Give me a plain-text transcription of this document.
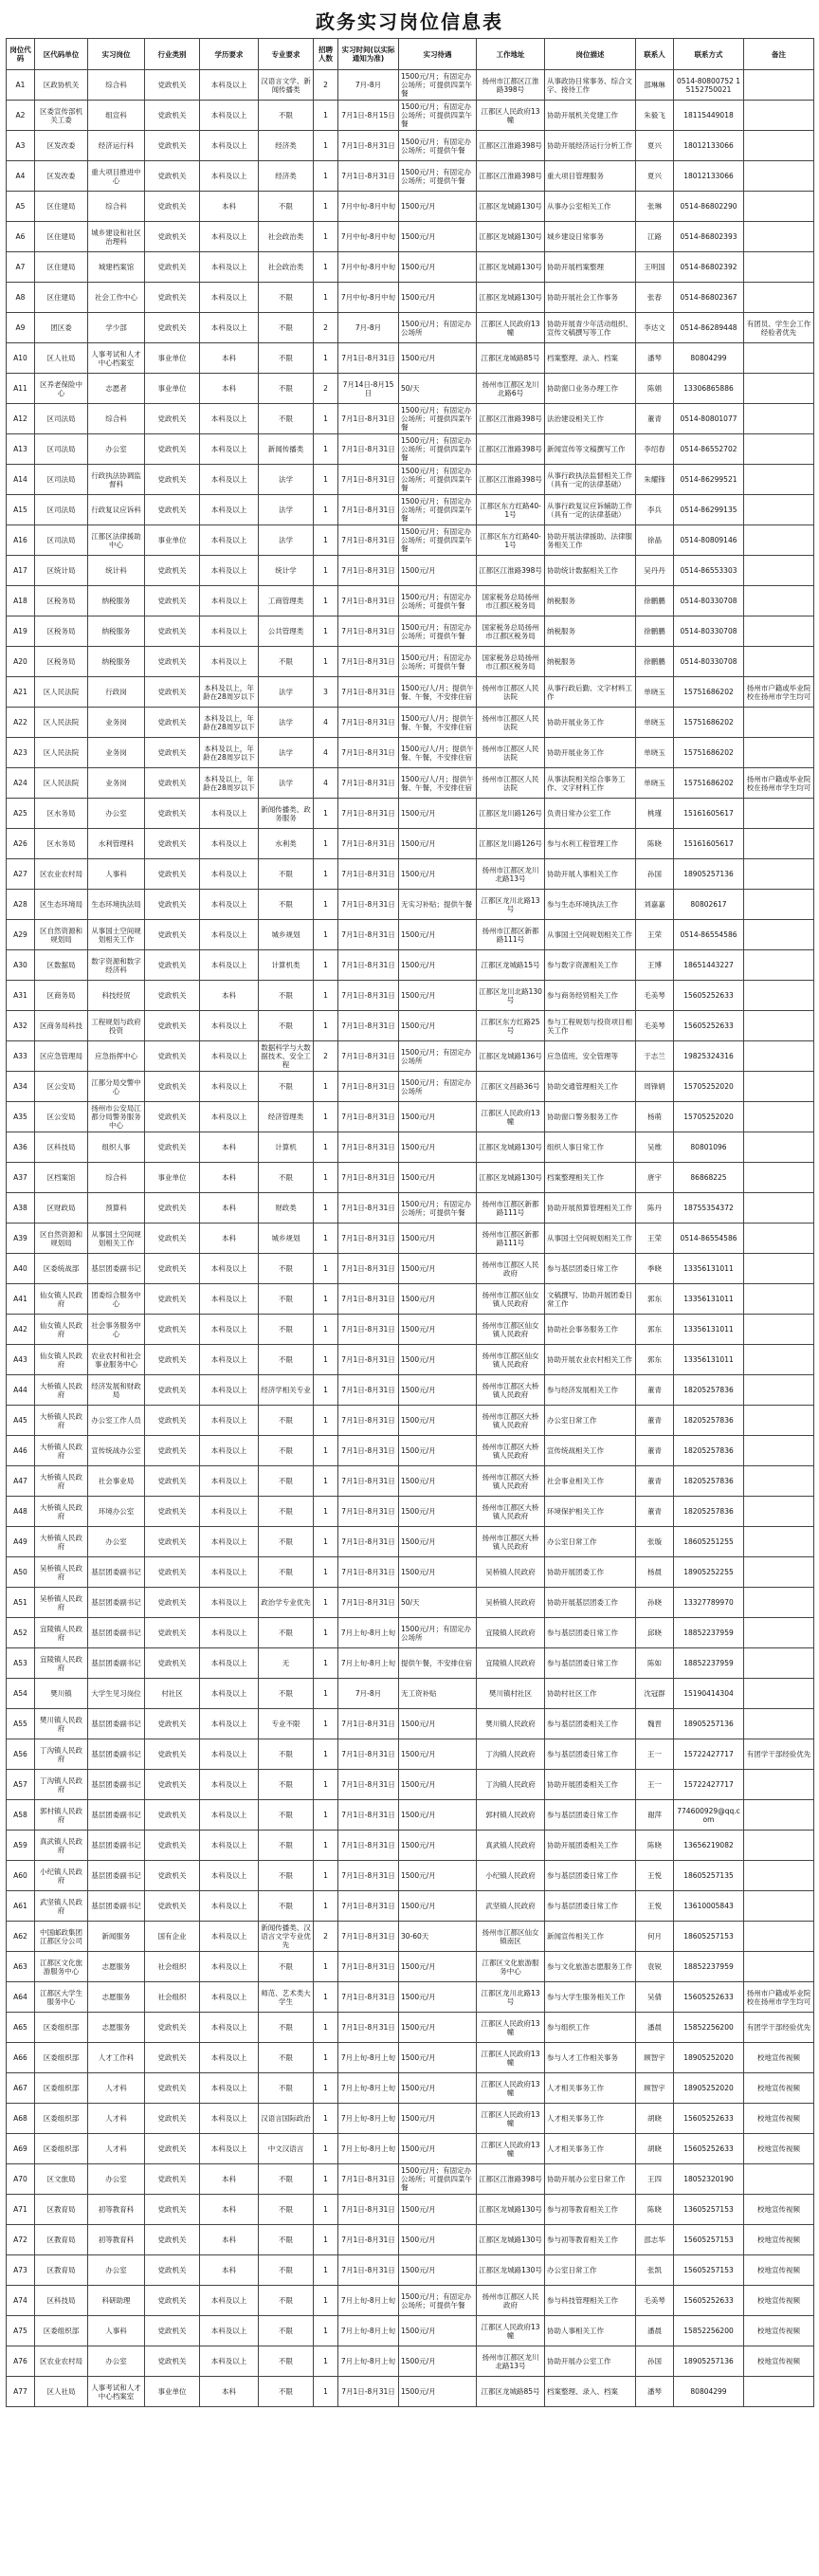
政务实习岗位信息表
岗位代码	区代码单位	实习岗位	行业类别	学历要求	专业要求	招聘人数	实习时间(以实际通知为准)	实习待遇	工作地址	岗位描述	联系人	联系方式	备注
A1	区政协机关	综合科	党政机关	本科及以上	汉语言文学、新闻传播类	2	7月-8月	1500元/月；有固定办公场所；可提供四菜午餐	扬州市江都区江淮路398号	从事政协日常事务、综合文字、接待工作	邵琳琳	0514-80800752 15152750021	
A2	区委宣传部机关工委	组宣科	党政机关	本科及以上	不限	1	7月1日-8月15日	1500元/月；有固定办公场所；可提供四菜午餐	江都区人民政府13幢	协助开展机关党建工作	朱毅飞	18115449018	
A3	区发改委	经济运行科	党政机关	本科及以上	经济类	1	7月1日-8月31日	1500元/月；有固定办公场所；可提供午餐	江都区江淮路398号	协助开展经济运行分析工作	夏兴	18012133066	
A4	区发改委	重大项目推进中心	党政机关	本科及以上	经济类	1	7月1日-8月31日	1500元/月；有固定办公场所；可提供午餐	江都区江淮路398号	重大项目管理服务	夏兴	18012133066	
A5	区住建局	综合科	党政机关	本科	不限	1	7月中旬-8月中旬	1500元/月	江都区龙城路130号	从事办公室相关工作	张琳	0514-86802290	
A6	区住建局	城乡建设和社区治理科	党政机关	本科及以上	社会政治类	1	7月中旬-8月中旬	1500元/月	江都区龙城路130号	城乡建设日常事务	江路	0514-86802393	
A7	区住建局	城建档案馆	党政机关	本科及以上	社会政治类	1	7月中旬-8月中旬	1500元/月	江都区龙城路130号	协助开展档案整理	王明国	0514-86802392	
A8	区住建局	社会工作中心	党政机关	本科及以上	不限	1	7月中旬-8月中旬	1500元/月	江都区龙城路130号	协助开展社会工作事务	张春	0514-86802367	
A9	团区委	学少部	党政机关	本科及以上	不限	2	7月-8月	1500元/月；有固定办公场所	江都区人民政府13幢	协助开展青少年活动组织、宣传文稿撰写等工作	李达文	0514-86289448	有团员、学生会工作经验者优先
A10	区人社局	人事考试和人才中心档案室	事业单位	本科	不限	1	7月1日-8月31日	1500元/月	江都区龙城路85号	档案整理、录入、档案	潘琴	80804299	
A11	区养老保险中心	志愿者	事业单位	本科	不限	2	7月14日-8月15日	50/天	扬州市江都区龙川北路6号	协助窗口业务办理工作	陈娟	13306865886	
A12	区司法局	综合科	党政机关	本科及以上	不限	1	7月1日-8月31日	1500元/月；有固定办公场所；可提供四菜午餐	江都区江淮路398号	法治建设相关工作	董青	0514-80801077	
A13	区司法局	办公室	党政机关	本科及以上	新闻传播类	1	7月1日-8月31日	1500元/月；有固定办公场所；可提供四菜午餐	江都区江淮路398号	新闻宣传等文稿撰写工作	李绍春	0514-86552702	
A14	区司法局	行政执法协调监督科	党政机关	本科及以上	法学	1	7月1日-8月31日	1500元/月；有固定办公场所；可提供四菜午餐	江都区江淮路398号	从事行政执法监督相关工作（具有一定的法律基础）	朱耀锋	0514-86299521	
A15	区司法局	行政复议应诉科	党政机关	本科及以上	法学	1	7月1日-8月31日	1500元/月；有固定办公场所；可提供四菜午餐	江都区东方红路40-1号	从事行政复议应诉辅助工作（具有一定的法律基础）	李兵	0514-86299135	
A16	区司法局	江都区法律援助中心	事业单位	本科及以上	法学	1	7月1日-8月31日	1500元/月；有固定办公场所；可提供四菜午餐	江都区东方红路40-1号	协助开展法律援助、法律服务相关工作	徐晶	0514-80809146	
A17	区统计局	统计科	党政机关	本科及以上	统计学	1	7月1日-8月31日	1500元/月	江都区江淮路398号	协助统计数据相关工作	吴丹丹	0514-86553303	
A18	区税务局	纳税服务	党政机关	本科及以上	工商管理类	1	7月1日-8月31日	1500元/月；有固定办公场所；可提供午餐	国家税务总局扬州市江都区税务局	纳税服务	徐鹏鹏	0514-80330708	
A19	区税务局	纳税服务	党政机关	本科及以上	公共管理类	1	7月1日-8月31日	1500元/月；有固定办公场所；可提供午餐	国家税务总局扬州市江都区税务局	纳税服务	徐鹏鹏	0514-80330708	
A20	区税务局	纳税服务	党政机关	本科及以上	不限	1	7月1日-8月31日	1500元/月；有固定办公场所；可提供午餐	国家税务总局扬州市江都区税务局	纳税服务	徐鹏鹏	0514-80330708	
A21	区人民法院	行政岗	党政机关	本科及以上，年龄在28周岁以下	法学	3	7月1日-8月31日	1500元/人/月；提供午餐、午餐，不安排住宿	扬州市江都区人民法院	从事行政后勤、文字材料工作	单晓玉	15751686202	扬州市户籍或毕业院校在扬州市学生均可
A22	区人民法院	业务岗	党政机关	本科及以上，年龄在28周岁以下	法学	4	7月1日-8月31日	1500元/人/月；提供午餐、午餐，不安排住宿	扬州市江都区人民法院	协助开展业务工作	单晓玉	15751686202	
A23	区人民法院	业务岗	党政机关	本科及以上，年龄在28周岁以下	法学	4	7月1日-8月31日	1500元/人/月；提供午餐、午餐，不安排住宿	扬州市江都区人民法院	协助开展业务工作	单晓玉	15751686202	
A24	区人民法院	业务岗	党政机关	本科及以上，年龄在28周岁以下	法学	4	7月1日-8月31日	1500元/人/月；提供午餐、午餐，不安排住宿	扬州市江都区人民法院	从事法院相关综合事务工作、文字材料工作	单晓玉	15751686202	扬州市户籍或毕业院校在扬州市学生均可
A25	区水务局	办公室	党政机关	本科及以上	新闻传播类、政务服务	1	7月1日-8月31日	1500元/月	江都区龙川路126号	负责日常办公室工作	桃瑾	15161605617	
A26	区水务局	水利管理科	党政机关	本科及以上	水利类	1	7月1日-8月31日	1500元/月	江都区龙川路126号	参与水利工程管理工作	陈晓	15161605617	
A27	区农业农村局	人事科	党政机关	本科及以上	不限	1	7月1日-8月31日	1500元/月	扬州市江都区龙川北路13号	协助开展人事相关工作	孙国	18905257136	
A28	区生态环境局	生态环境执法局	党政机关	本科及以上	不限	1	7月1日-8月31日	无实习补贴；提供午餐	江都区龙川北路13号	参与生态环境执法工作	刘嘉嘉	80802617	
A29	区自然资源和规划局	从事国土空间规划相关工作	党政机关	本科及以上	城乡规划	1	7月1日-8月31日	1500元/月	扬州市江都区新都路111号	从事国土空间规划相关工作	王荣	0514-86554586	
A30	区数据局	数字资源和数字经济科	党政机关	本科及以上	计算机类	1	7月1日-8月31日	1500元/月	江都区龙城路15号	参与数字资源相关工作	王博	18651443227	
A31	区商务局	科技经贸	党政机关	本科	不限	1	7月1日-8月31日	1500元/月	江都区龙川北路130号	参与商务经贸相关工作	毛美琴	15605252633	
A32	区商务局科技	工程规划与政府投资	党政机关	本科及以上	不限	1	7月1日-8月31日	1500元/月	江都区东方红路25号	参与工程规划与投资项目相关工作	毛美琴	15605252633	
A33	区应急管理局	应急指挥中心	党政机关	本科及以上	数据科学与大数据技术、安全工程	2	7月1日-8月31日	1500元/月；有固定办公场所	江都区龙城路136号	应急值班、安全管理等	于志兰	19825324316	
A34	区公安局	江都分局交警中心	党政机关	本科及以上	不限	1	7月1日-8月31日	1500元/月；有固定办公场所	江都区文昌路36号	协助交通管理相关工作	周锋娟	15705252020	
A35	区公安局	扬州市公安局江都分局警务服务中心	党政机关	本科及以上	经济管理类	1	7月1日-8月31日	1500元/月	江都区人民政府13幢	协助窗口警务服务工作	杨萌	15705252020	
A36	区科技局	组织人事	党政机关	本科	计算机	1	7月1日-8月31日	1500元/月	江都区龙城路130号	组织人事日常工作	吴维	80801096	
A37	区档案馆	综合科	事业单位	本科	不限	1	7月1日-8月31日	1500元/月	江都区龙城路130号	档案整理相关工作	唐宇	86868225	
A38	区财政局	预算科	党政机关	本科	财政类	1	7月1日-8月31日	1500元/月；有固定办公场所；可提供午餐	扬州市江都区新都路111号	协助开展预算管理相关工作	陈丹	18755354372	
A39	区自然资源和规划局	从事国土空间规划相关工作	党政机关	本科	城乡规划	1	7月1日-8月31日	1500元/月	扬州市江都区新都路111号	从事国土空间规划相关工作	王荣	0514-86554586	
A40	区委统战部	基层团委副书记	党政机关	本科及以上	不限	1	7月1日-8月31日	1500元/月	扬州市江都区人民政府	参与基层团委日常工作	季晓	13356131011	
A41	仙女镇人民政府	团委综合服务中心	党政机关	本科及以上	不限	1	7月1日-8月31日	1500元/月	扬州市江都区仙女镇人民政府	文稿撰写、协助开展团委日常工作	郭东	13356131011	
A42	仙女镇人民政府	社会事务服务中心	党政机关	本科及以上	不限	1	7月1日-8月31日	1500元/月	扬州市江都区仙女镇人民政府	协助社会事务服务工作	郭东	13356131011	
A43	仙女镇人民政府	农业农村和社会事业服务中心	党政机关	本科及以上	不限	1	7月1日-8月31日	1500元/月	扬州市江都区仙女镇人民政府	协助开展农业农村相关工作	郭东	13356131011	
A44	大桥镇人民政府	经济发展和财政局	党政机关	本科及以上	经济学相关专业	1	7月1日-8月31日	1500元/月	扬州市江都区大桥镇人民政府	参与经济发展相关工作	董青	18205257836	
A45	大桥镇人民政府	办公室工作人员	党政机关	本科及以上	不限	1	7月1日-8月31日	1500元/月	扬州市江都区大桥镇人民政府	办公室日常工作	董青	18205257836	
A46	大桥镇人民政府	宣传统战办公室	党政机关	本科及以上	不限	1	7月1日-8月31日	1500元/月	扬州市江都区大桥镇人民政府	宣传统战相关工作	董青	18205257836	
A47	大桥镇人民政府	社会事业局	党政机关	本科及以上	不限	1	7月1日-8月31日	1500元/月	扬州市江都区大桥镇人民政府	社会事业相关工作	董青	18205257836	
A48	大桥镇人民政府	环境办公室	党政机关	本科及以上	不限	1	7月1日-8月31日	1500元/月	扬州市江都区大桥镇人民政府	环境保护相关工作	董青	18205257836	
A49	大桥镇人民政府	办公室	党政机关	本科及以上	不限	1	7月1日-8月31日	1500元/月	扬州市江都区大桥镇人民政府	办公室日常工作	张璇	18605251255	
A50	吴桥镇人民政府	基层团委副书记	党政机关	本科及以上	不限	1	7月1日-8月31日	1500元/月	吴桥镇人民政府	协助开展团委工作	杨晨	18905252255	
A51	吴桥镇人民政府	基层团委副书记	党政机关	本科及以上	政治学专业优先	1	7月1日-8月31日	50/天	吴桥镇人民政府	协助开展基层团委工作	孙晓	13327789970	
A52	宜陵镇人民政府	基层团委副书记	党政机关	本科及以上	不限	1	7月上旬-8月上旬	1500元/月；有固定办公场所	宜陵镇人民政府	参与基层团委日常工作	邱晓	18852237959	
A53	宜陵镇人民政府	基层团委副书记	党政机关	本科及以上	无	1	7月上旬-8月上旬	提供午餐，不安排住宿	宜陵镇人民政府	参与基层团委日常工作	陈如	18852237959	
A54	樊川镇	大学生见习岗位	村社区	本科及以上	不限	1	7月-8月	无工资补贴	樊川镇村社区	协助村社区工作	沈冠群	15190414304	
A55	樊川镇人民政府	基层团委副书记	党政机关	本科及以上	专业不限	1	7月1日-8月31日	1500元/月	樊川镇人民政府	参与基层团委相关工作	魏晋	18905257136	
A56	丁沟镇人民政府	基层团委副书记	党政机关	本科及以上	不限	1	7月1日-8月31日	1500元/月	丁沟镇人民政府	参与基层团委日常工作	王一	15722427717	有团学干部经验优先
A57	丁沟镇人民政府	基层团委副书记	党政机关	本科及以上	不限	1	7月1日-8月31日	1500元/月	丁沟镇人民政府	协助开展团委相关工作	王一	15722427717	
A58	郭村镇人民政府	基层团委副书记	党政机关	本科及以上	不限	1	7月1日-8月31日	1500元/月	郭村镇人民政府	参与基层团委日常工作	谢萍	774600929@qq.com	
A59	真武镇人民政府	基层团委副书记	党政机关	本科及以上	不限	1	7月1日-8月31日	1500元/月	真武镇人民政府	协助开展团委相关工作	陈晓	13656219082	
A60	小纪镇人民政府	基层团委副书记	党政机关	本科及以上	不限	1	7月1日-8月31日	1500元/月	小纪镇人民政府	参与基层团委日常工作	王悦	18605257135	
A61	武坚镇人民政府	基层团委副书记	党政机关	本科及以上	不限	1	7月1日-8月31日	1500元/月	武坚镇人民政府	参与基层团委日常工作	王悦	13610005843	
A62	中国邮政集团江都区分公司	新闻服务	国有企业	本科及以上	新闻传播类、汉语言文学专业优先	2	7月1日-8月31日	30-60天	扬州市江都区仙女镇南区	新闻宣传相关工作	何月	18605257153	
A63	江都区文化旅游服务中心	志愿服务	社会组织	本科及以上	不限	1	7月1日-8月31日	1500元/月	江都区文化旅游服务中心	参与文化旅游志愿服务工作	袁锐	18852237959	
A64	江都区大学生服务中心	志愿服务	社会组织	本科及以上	师范、艺术类大学生	1	7月1日-8月31日	1500元/月	江都区龙川北路13号	参与大学生服务相关工作	吴倩	15605252633	扬州市户籍或毕业院校在扬州市学生均可
A65	区委组织部	志愿服务	党政机关	本科及以上	不限	1	7月1日-8月31日	1500元/月	江都区人民政府13幢	参与组织工作	潘晨	15852256200	有团学干部经验优先
A66	区委组织部	人才工作科	党政机关	本科及以上	不限	1	7月上旬-8月上旬	1500元/月	江都区人民政府13幢	参与人才工作相关事务	顾智宇	18905252020	校地宣传视频
A67	区委组织部	人才科	党政机关	本科及以上	不限	1	7月上旬-8月上旬	1500元/月	江都区人民政府13幢	人才相关事务工作	顾智宇	18905252020	校地宣传视频
A68	区委组织部	人才科	党政机关	本科及以上	汉语言国际政治	1	7月上旬-8月上旬	1500元/月	江都区人民政府13幢	人才相关事务工作	胡晓	15605252633	校地宣传视频
A69	区委组织部	人才科	党政机关	本科及以上	中文汉语言	1	7月上旬-8月上旬	1500元/月	江都区人民政府13幢	人才相关事务工作	胡晓	15605252633	校地宣传视频
A70	区文旅局	办公室	党政机关	本科	不限	1	7月1日-8月31日	1500元/月；有固定办公场所；可提供四菜午餐	江都区江淮路398号	协助开展办公室日常工作	王四	18052320190	
A71	区教育局	初等教育科	党政机关	本科	不限	1	7月1日-8月31日	1500元/月	江都区龙城路130号	参与初等教育相关工作	陈晓	13605257153	校地宣传视频
A72	区教育局	初等教育科	党政机关	本科	不限	1	7月1日-8月31日	1500元/月	江都区龙城路130号	参与初等教育相关工作	邵志华	15605257153	校地宣传视频
A73	区教育局	办公室	党政机关	本科	不限	1	7月1日-8月31日	1500元/月	江都区龙城路130号	办公室日常工作	张凯	15605257153	校地宣传视频
A74	区科技局	科研助理	党政机关	本科及以上	不限	1	7月上旬-8月上旬	1500元/月；有固定办公场所；可提供午餐	扬州市江都区人民政府	参与科技管理相关工作	毛美琴	15605252633	校地宣传视频
A75	区委组织部	人事科	党政机关	本科及以上	不限	1	7月上旬-8月上旬	1500元/月	江都区人民政府13幢	协助人事相关工作	潘晨	15852256200	校地宣传视频
A76	区农业农村局	办公室	党政机关	本科及以上	不限	1	7月上旬-8月上旬	1500元/月	扬州市江都区龙川北路13号	协助开展办公室工作	孙国	18905257136	校地宣传视频
A77	区人社局	人事考试和人才中心档案室	事业单位	本科	不限	1	7月1日-8月31日	1500元/月	江都区龙城路85号	档案整理、录入、档案	潘琴	80804299	
